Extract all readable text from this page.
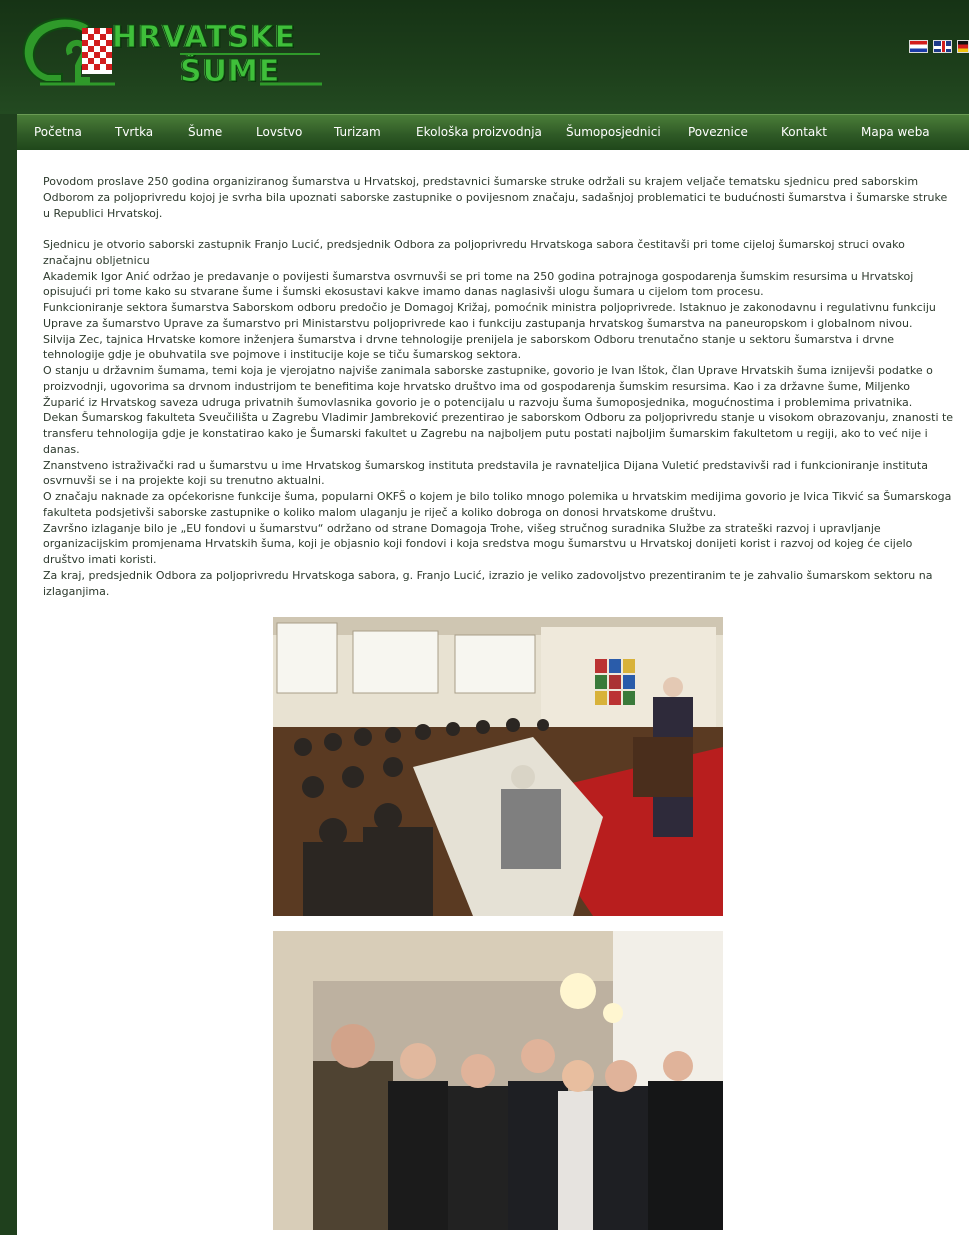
HRVATSKE
ŠUME
Početna	Tvrtka	Šume	Lovstvo	Turizam	Ekološka proizvodnja Šumoposjednici Poveznice	Kontakt	Mapa weba

Povodom proslave 250 godina organiziranog šumarstva u Hrvatskoj, predstavnici šumarske struke održali su krajem veljače tematsku sjednicu pred saborskim Odborom za poljoprivredu kojoj je svrha bila upoznati saborske zastupnike o povijesnom značaju, sadašnjoj problematici te budućnosti šumarstva i šumarske struke u Republici Hrvatskoj.

Sjednicu je otvorio saborski zastupnik Franjo Lucić, predsjednik Odbora za poljoprivredu Hrvatskoga sabora čestitavši pri tome cijeloj šumarskoj struci ovako značajnu obljetnicu

Akademik Igor Anić održao je predavanje o povijesti šumarstva osvrnuvši se pri tome na 250 godina potrajnoga gospodarenja šumskim resursima u Hrvatskoj opisujući pri tome kako su stvarane šume i šumski ekosustavi kakve imamo danas naglasivši ulogu šumara u cijelom tom procesu.

Funkcioniranje sektora šumarstva Saborskom odboru predočio je Domagoj Križaj, pomoćnik ministra poljoprivrede. Istaknuo je zakonodavnu i regulativnu funkciju Uprave za šumarstvo Uprave za šumarstvo pri Ministarstvu poljoprivrede kao i funkciju zastupanja hrvatskog šumarstva na paneuropskom i globalnom nivou.

Silvija Zec, tajnica Hrvatske komore inženjera šumarstva i drvne tehnologije prenijela je saborskom Odboru trenutačno stanje u sektoru šumarstva i drvne tehnologije gdje je obuhvatila sve pojmove i institucije koje se tiču šumarskog sektora.

O stanju u državnim šumama, temi koja je vjerojatno najviše zanimala saborske zastupnike, govorio je Ivan Ištok, član Uprave Hrvatskih šuma iznijevši podatke o proizvodnji, ugovorima sa drvnom industrijom te benefitima koje hrvatsko društvo ima od gospodarenja šumskim resursima. Kao i za državne šume, Miljenko Župarić iz Hrvatskog saveza udruga privatnih šumovlasnika govorio je o potencijalu u razvoju šuma šumoposjednika, mogućnostima i problemima privatnika.

Dekan Šumarskog fakulteta Sveučilišta u Zagrebu Vladimir Jambreković prezentirao je saborskom Odboru za poljoprivredu stanje u visokom obrazovanju, znanosti te transferu tehnologija gdje je konstatirao kako je Šumarski fakultet u Zagrebu na najboljem putu postati najboljim šumarskim fakultetom u regiji, ako to već nije i danas.

Znanstveno istraživački rad u šumarstvu u ime Hrvatskog šumarskog instituta predstavila je ravnateljica Dijana Vuletić predstavivši rad i funkcioniranje instituta osvrnuvši se i na projekte koji su trenutno aktualni.

O značaju naknade za općekorisne funkcije šuma, popularni OKFŠ o kojem je bilo toliko mnogo polemika u hrvatskim medijima govorio je Ivica Tikvić sa Šumarskoga fakulteta podsjetivši saborske zastupnike o koliko malom ulaganju je riječ a koliko dobroga on donosi hrvatskome društvu.

Završno izlaganje bilo je „EU fondovi u šumarstvu“ održano od strane Domagoja Trohe, višeg stručnog suradnika Službe za strateški razvoj i upravljanje organizacijskim promjenama Hrvatskih šuma, koji je objasnio koji fondovi i koja sredstva mogu šumarstvu u Hrvatskoj donijeti korist i razvoj od kojeg će cijelo društvo imati koristi.

Za kraj, predsjednik Odbora za poljoprivredu Hrvatskoga sabora, g. Franjo Lucić, izrazio je veliko zadovoljstvo prezentiranim te je zahvalio šumarskom sektoru na izlaganjima.
